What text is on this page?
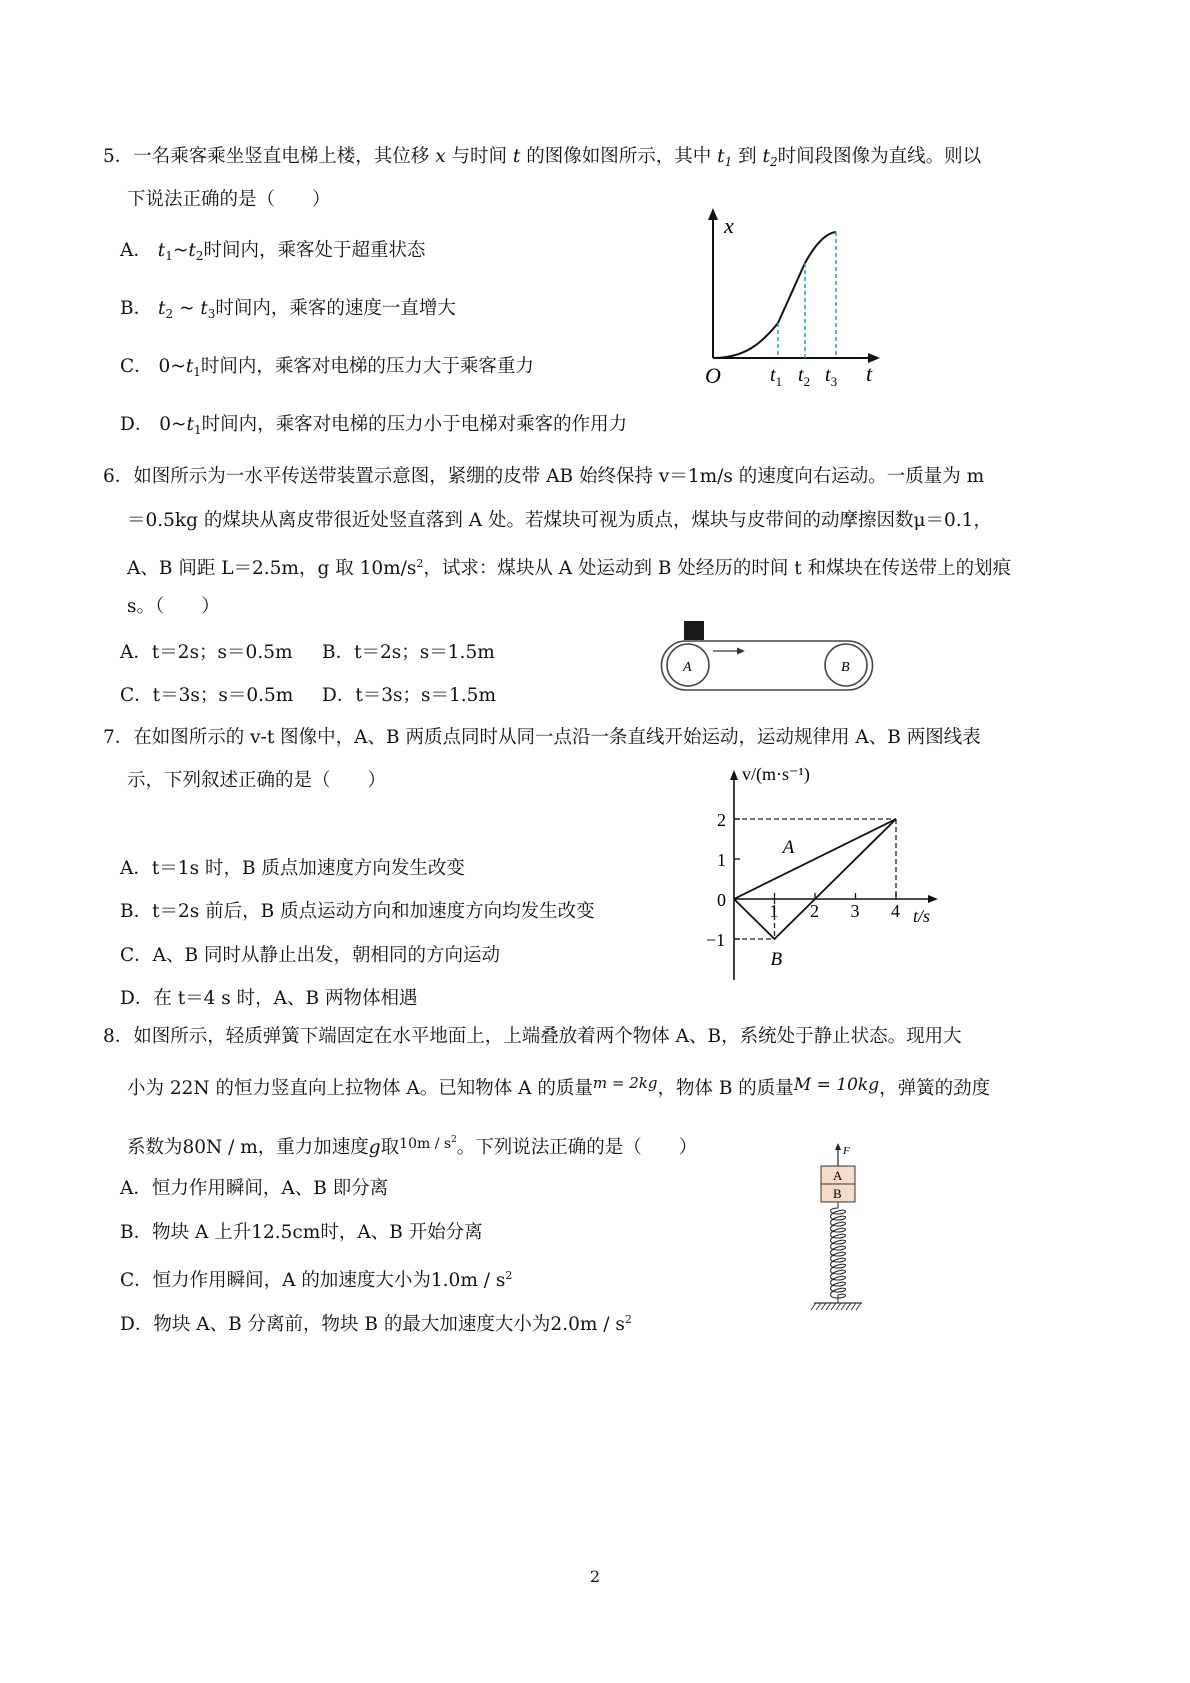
5．一名乘客乘坐竖直电梯上楼，其位移 x 与时间 t 的图像如图所示，其中 $t_1$ 到 $t_2$时间段图像为直线。则以
下说法正确的是（　　）
A． $t_1\sim t_2$时间内，乘客处于超重状态
B． $t_2$ ~ $t_3$时间内，乘客的速度一直增大
C． $0\sim t_1$时间内，乘客对电梯的压力大于乘客重力
D． $0\sim t_1$时间内，乘客对电梯的压力小于电梯对乘客的作用力
x
O	t
$t_1$ $t_2$ $t_3$
6．如图所示为一水平传送带装置示意图，紧绷的皮带 AB 始终保持 v＝1m/s 的速度向右运动。一质量为 m
＝0.5kg 的煤块从离皮带很近处竖直落到 A 处。若煤块可视为质点，煤块与皮带间的动摩擦因数μ＝0.1，
A、B 间距 L＝2.5m，g 取 $10m/s^2$，试求：煤块从 A 处运动到 B 处经历的时间 t 和煤块在传送带上的划痕
s。（　　）
A．t＝2s；s＝0.5m B．t＝2s；s＝1.5m
C．t＝3s；s＝0.5m D．t＝3s；s＝1.5m
A	B
7．在如图所示的 v-t 图像中，A、B 两质点同时从同一点沿一条直线开始运动，运动规律用 A、B 两图线表
示，下列叙述正确的是（　　）
A．t＝1s 时，B 质点加速度方向发生改变
B．t＝2s 前后，B 质点运动方向和加速度方向均发生改变
C．A、B 同时从静止出发，朝相同的方向运动
D．在 t＝4 s 时，A、B 两物体相遇
2
1
0
−1
1 2 3 4
v/(m·s⁻¹)
t/s
A
B
8．如图所示，轻质弹簧下端固定在水平地面上，上端叠放着两个物体 A、B，系统处于静止状态。现用大
小为 22N 的恒力竖直向上拉物体 A。已知物体 A 的质量$^{m = 2kg}$，物体 B 的质量M = 10kg，弹簧的劲度
系数为80N / m，重力加速度g取$^{10m / s2}$。下列说法正确的是（　　）
A．恒力作用瞬间，A、B 即分离
B．物块 A 上升12.5cm时，A、B 开始分离
C．恒力作用瞬间，A 的加速度大小为$1.0m / s^2$
D．物块 A、B 分离前，物块 B 的最大加速度大小为$2.0m / s^2$
F
A
B
2
